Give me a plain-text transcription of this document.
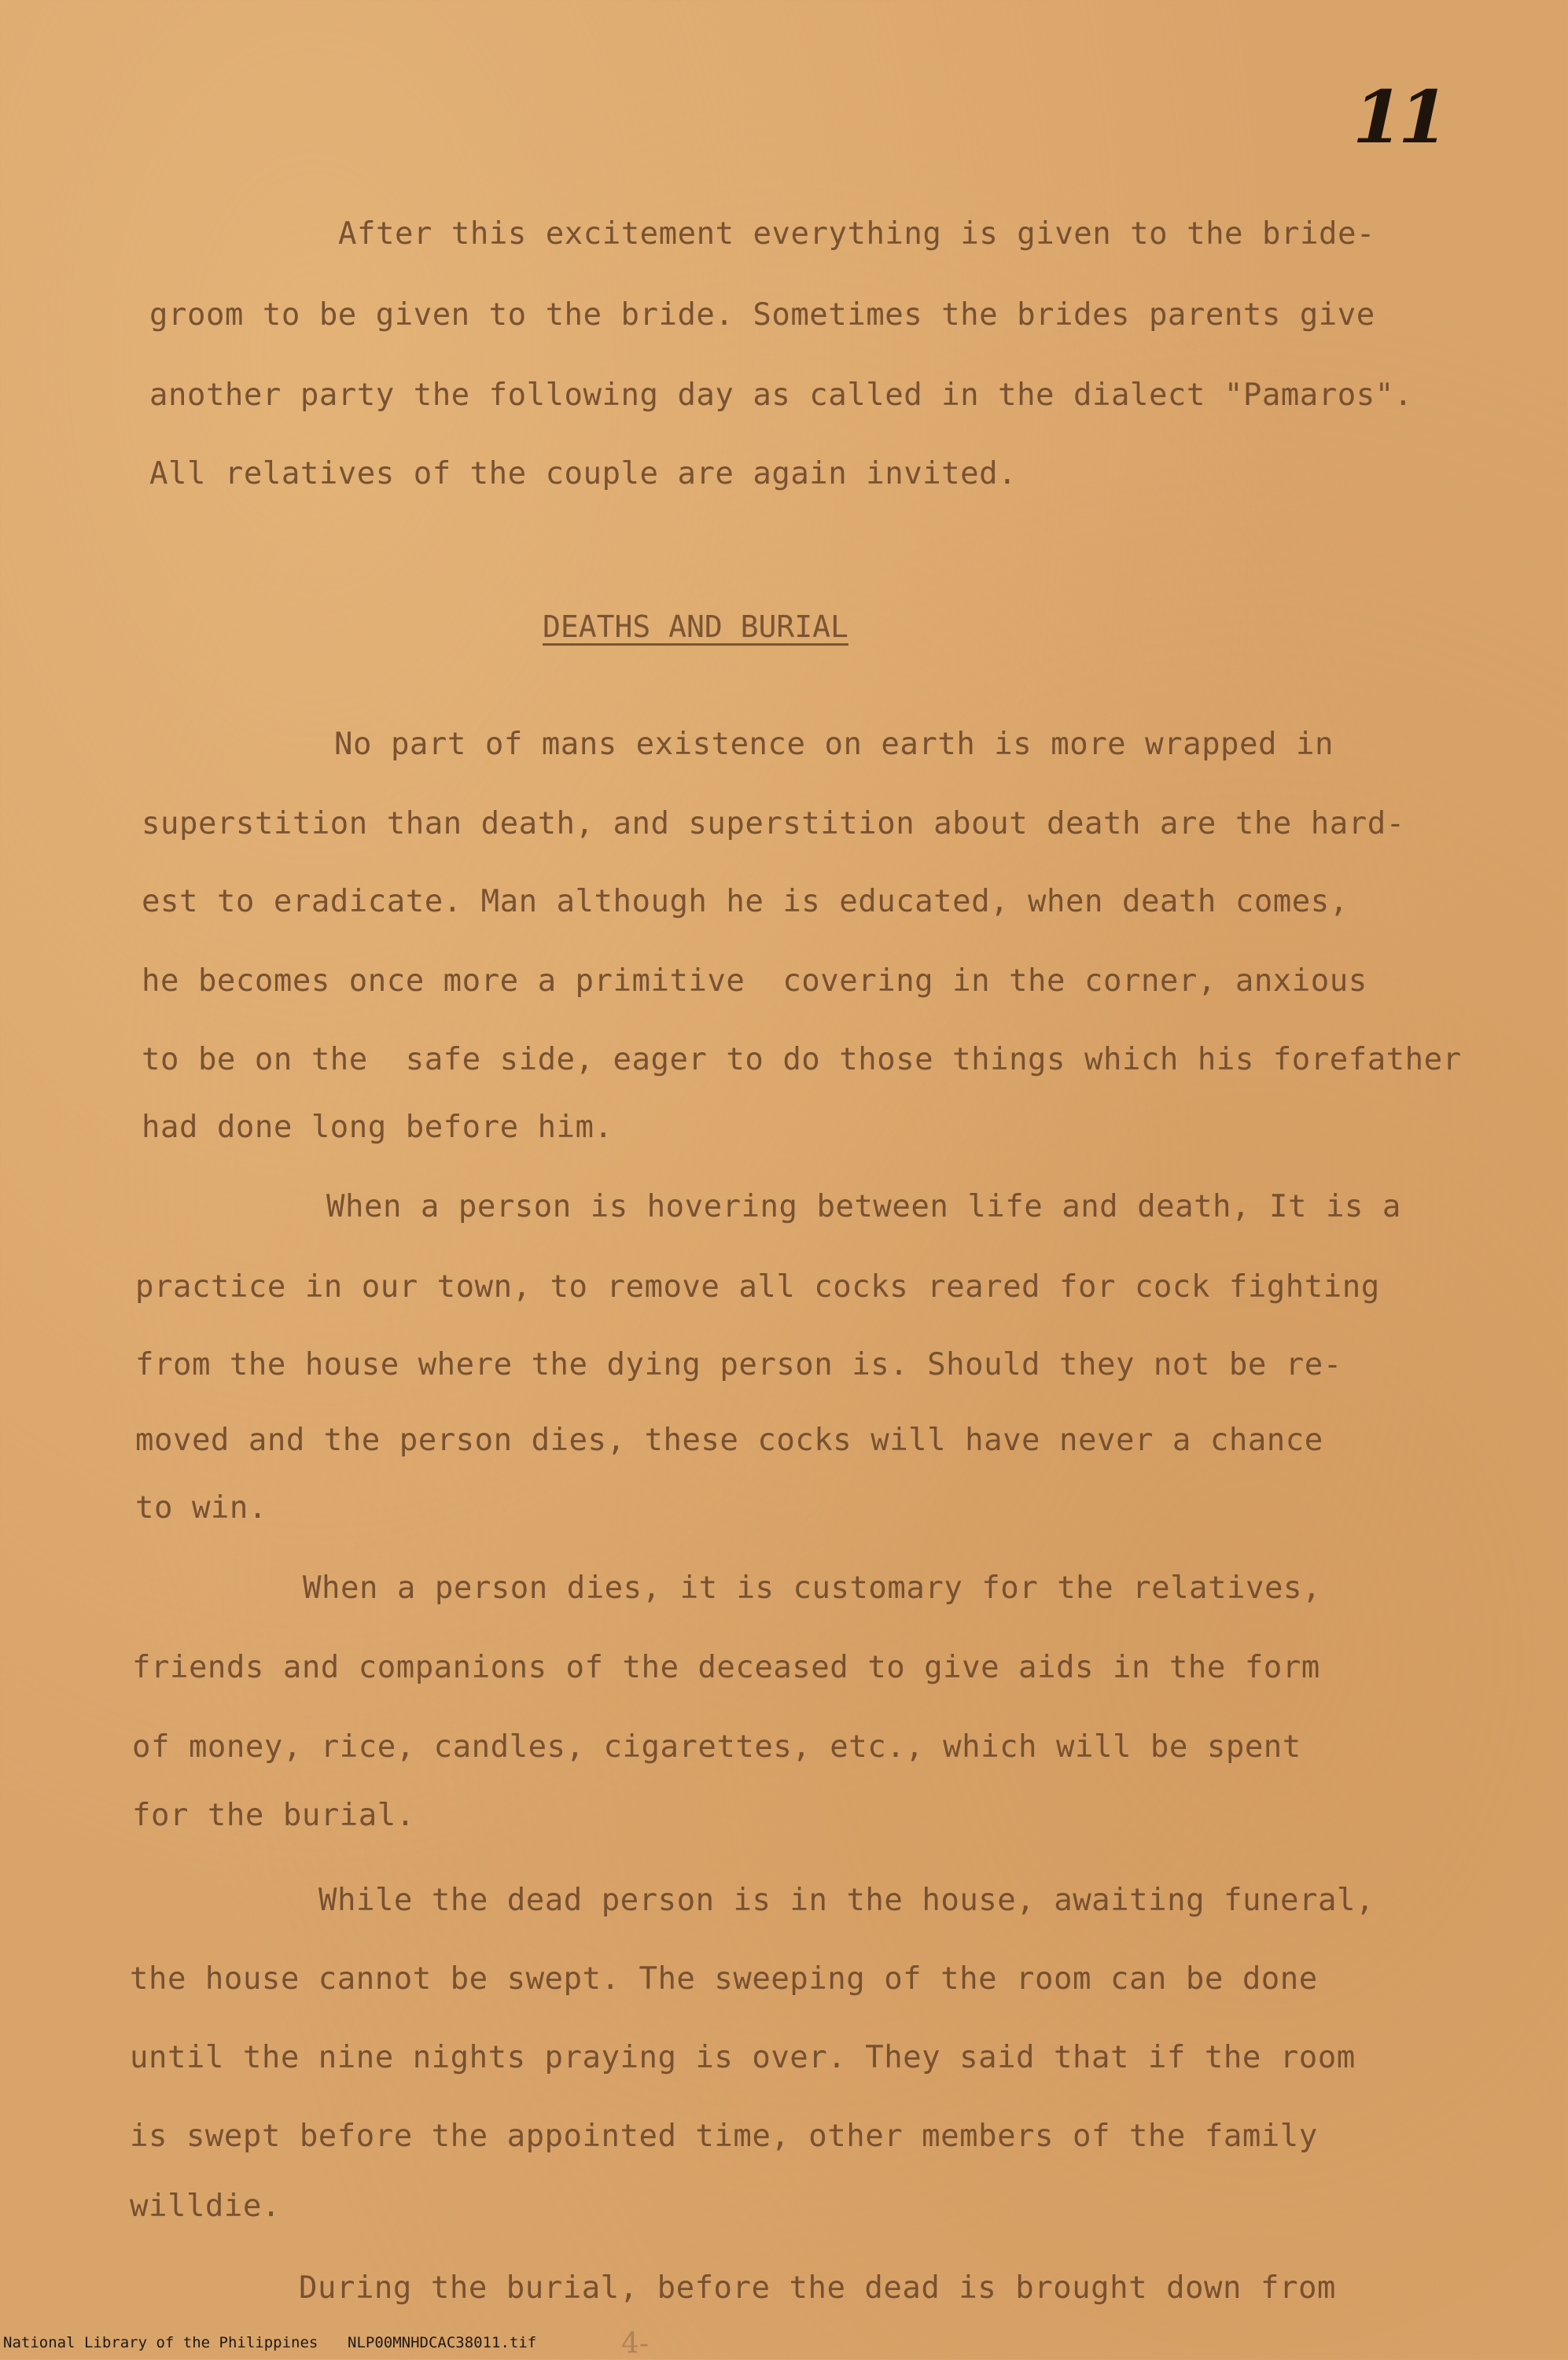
11
After this excitement everything is given to the bride-
groom to be given to the bride. Sometimes the brides parents give
another party the following day as called in the dialect "Pamaros".
All relatives of the couple are again invited.
DEATHS AND BURIAL
No part of mans existence on earth is more wrapped in
superstition than death, and superstition about death are the hard-
est to eradicate. Man although he is educated, when death comes,
he becomes once more a primitive  covering in the corner, anxious
to be on the  safe side, eager to do those things which his forefather
had done long before him.
When a person is hovering between life and death, It is a
practice in our town, to remove all cocks reared for cock fighting
from the house where the dying person is. Should they not be re-
moved and the person dies, these cocks will have never a chance
to win.
When a person dies, it is customary for the relatives,
friends and companions of the deceased to give aids in the form
of money, rice, candles, cigarettes, etc., which will be spent
for the burial.
While the dead person is in the house, awaiting funeral,
the house cannot be swept. The sweeping of the room can be done
until the nine nights praying is over. They said that if the room
is swept before the appointed time, other members of the family
willdie.
During the burial, before the dead is brought down from
4-
National Library of the Philippines NLP00MNHDCAC38011.tif
